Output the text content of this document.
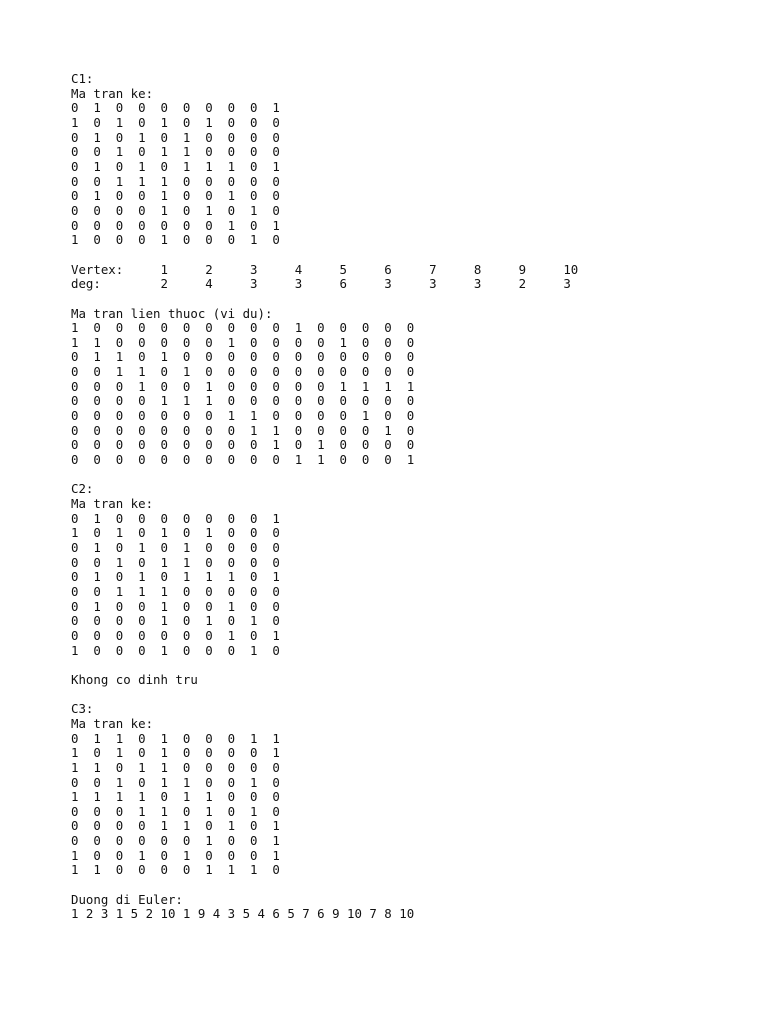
C1:
Ma tran ke:
0  1  0  0  0  0  0  0  0  1
1  0  1  0  1  0  1  0  0  0
0  1  0  1  0  1  0  0  0  0
0  0  1  0  1  1  0  0  0  0
0  1  0  1  0  1  1  1  0  1
0  0  1  1  1  0  0  0  0  0
0  1  0  0  1  0  0  1  0  0
0  0  0  0  1  0  1  0  1  0
0  0  0  0  0  0  0  1  0  1
1  0  0  0  1  0  0  0  1  0
Vertex:     1     2     3     4     5     6     7     8     9     10
deg:        2     4     3     3     6     3     3     3     2     3
Ma tran lien thuoc (vi du):
1  0  0  0  0  0  0  0  0  0  1  0  0  0  0  0
1  1  0  0  0  0  0  1  0  0  0  0  1  0  0  0
0  1  1  0  1  0  0  0  0  0  0  0  0  0  0  0
0  0  1  1  0  1  0  0  0  0  0  0  0  0  0  0
0  0  0  1  0  0  1  0  0  0  0  0  1  1  1  1
0  0  0  0  1  1  1  0  0  0  0  0  0  0  0  0
0  0  0  0  0  0  0  1  1  0  0  0  0  1  0  0
0  0  0  0  0  0  0  0  1  1  0  0  0  0  1  0
0  0  0  0  0  0  0  0  0  1  0  1  0  0  0  0
0  0  0  0  0  0  0  0  0  0  1  1  0  0  0  1
C2:
Ma tran ke:
0  1  0  0  0  0  0  0  0  1
1  0  1  0  1  0  1  0  0  0
0  1  0  1  0  1  0  0  0  0
0  0  1  0  1  1  0  0  0  0
0  1  0  1  0  1  1  1  0  1
0  0  1  1  1  0  0  0  0  0
0  1  0  0  1  0  0  1  0  0
0  0  0  0  1  0  1  0  1  0
0  0  0  0  0  0  0  1  0  1
1  0  0  0  1  0  0  0  1  0
Khong co dinh tru
C3:
Ma tran ke:
0  1  1  0  1  0  0  0  1  1
1  0  1  0  1  0  0  0  0  1
1  1  0  1  1  0  0  0  0  0
0  0  1  0  1  1  0  0  1  0
1  1  1  1  0  1  1  0  0  0
0  0  0  1  1  0  1  0  1  0
0  0  0  0  1  1  0  1  0  1
0  0  0  0  0  0  1  0  0  1
1  0  0  1  0  1  0  0  0  1
1  1  0  0  0  0  1  1  1  0
Duong di Euler:
1 2 3 1 5 2 10 1 9 4 3 5 4 6 5 7 6 9 10 7 8 10
